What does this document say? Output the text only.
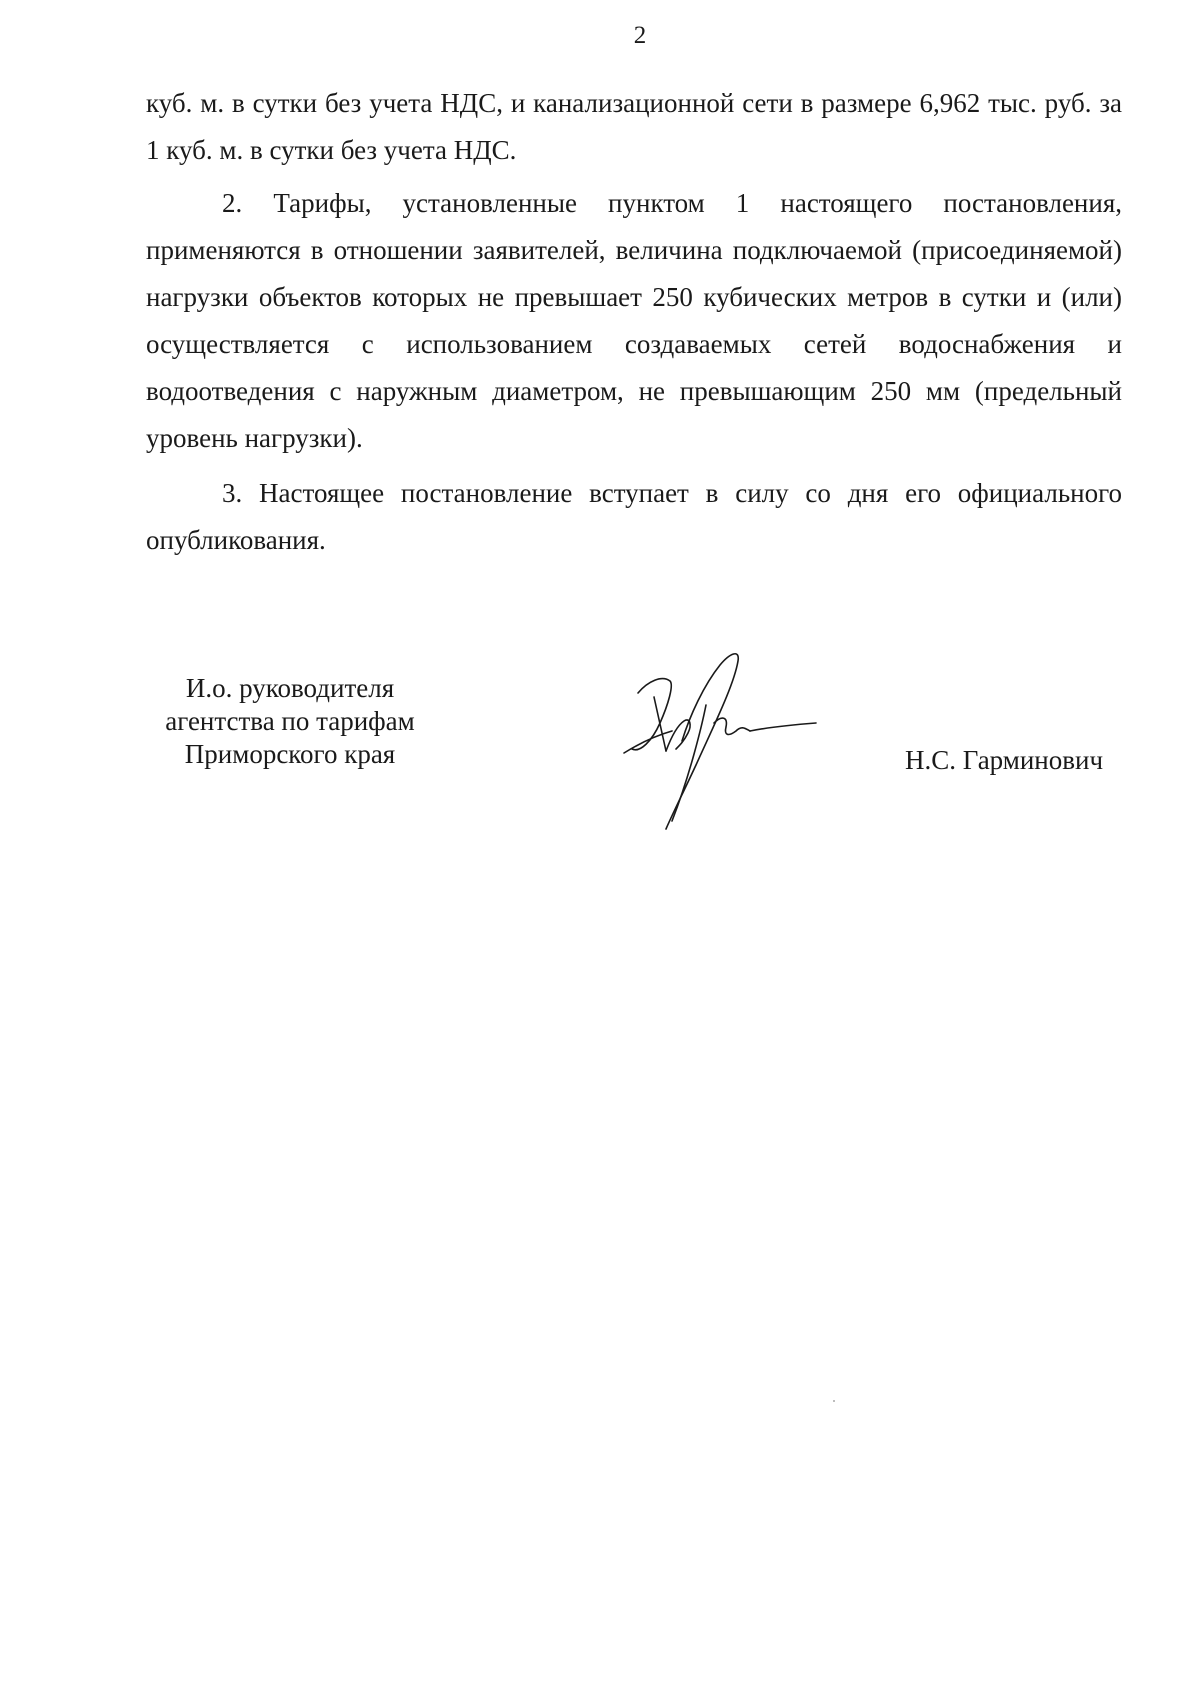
2

куб. м. в сутки без учета НДС, и канализационной сети в размере 6,962 тыс. руб. за 1 куб. м. в сутки без учета НДС.

2. Тарифы, установленные пунктом 1 настоящего постановления, применяются в отношении заявителей, величина подключаемой (присоединяемой) нагрузки объектов которых не превышает 250 кубических метров в сутки и (или) осуществляется с использованием создаваемых сетей водоснабжения и водоотведения с наружным диаметром, не превышающим 250 мм (предельный уровень нагрузки).

3. Настоящее постановление вступает в силу со дня его официального опубликования.

И.о. руководителя
агентства по тарифам
Приморского края	Н.С. Гарминович
